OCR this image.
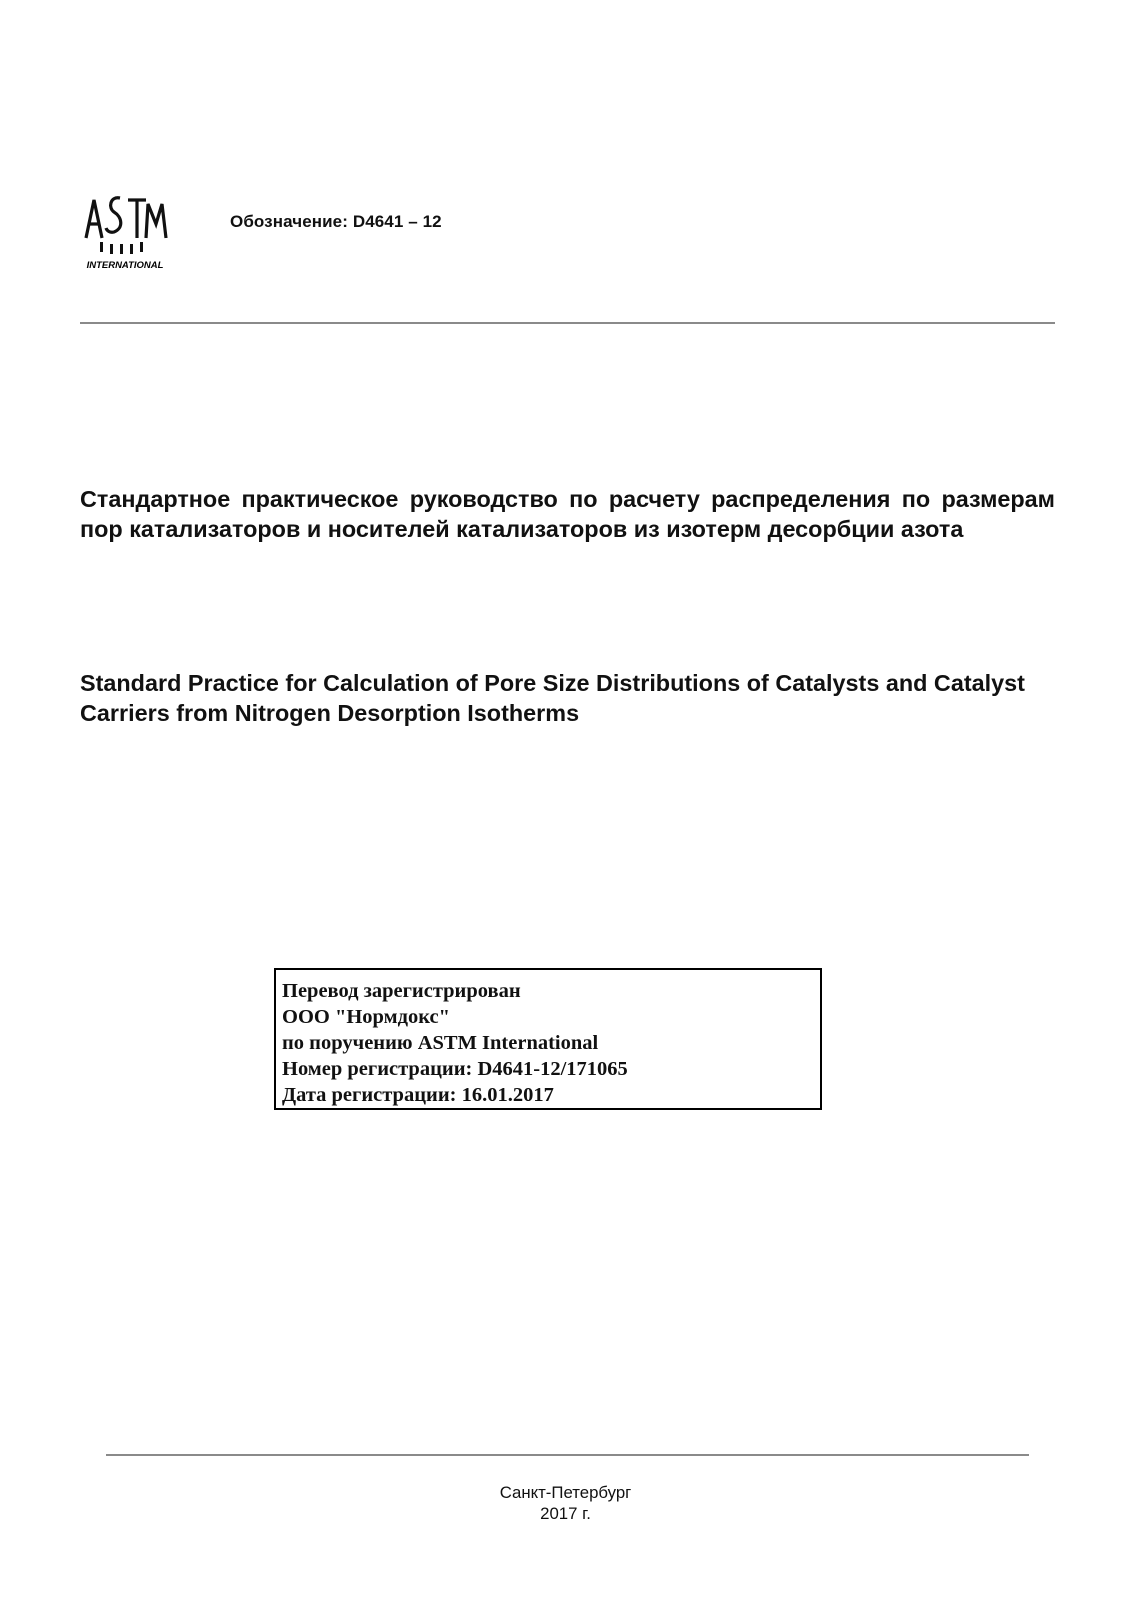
INTERNATIONAL
Обозначение: D4641 – 12
Стандартное практическое руководство по расчету распределения по размерам пор катализаторов и носителей катализаторов из изотерм десорбции азота
Standard Practice for Calculation of Pore Size Distributions of Catalysts and Catalyst Carriers from Nitrogen Desorption Isotherms
Перевод зарегистрирован
ООО "Нормдокс"
по поручению ASTM International
Номер регистрации: D4641-12/171065
Дата регистрации: 16.01.2017
Санкт-Петербург
2017 г.
